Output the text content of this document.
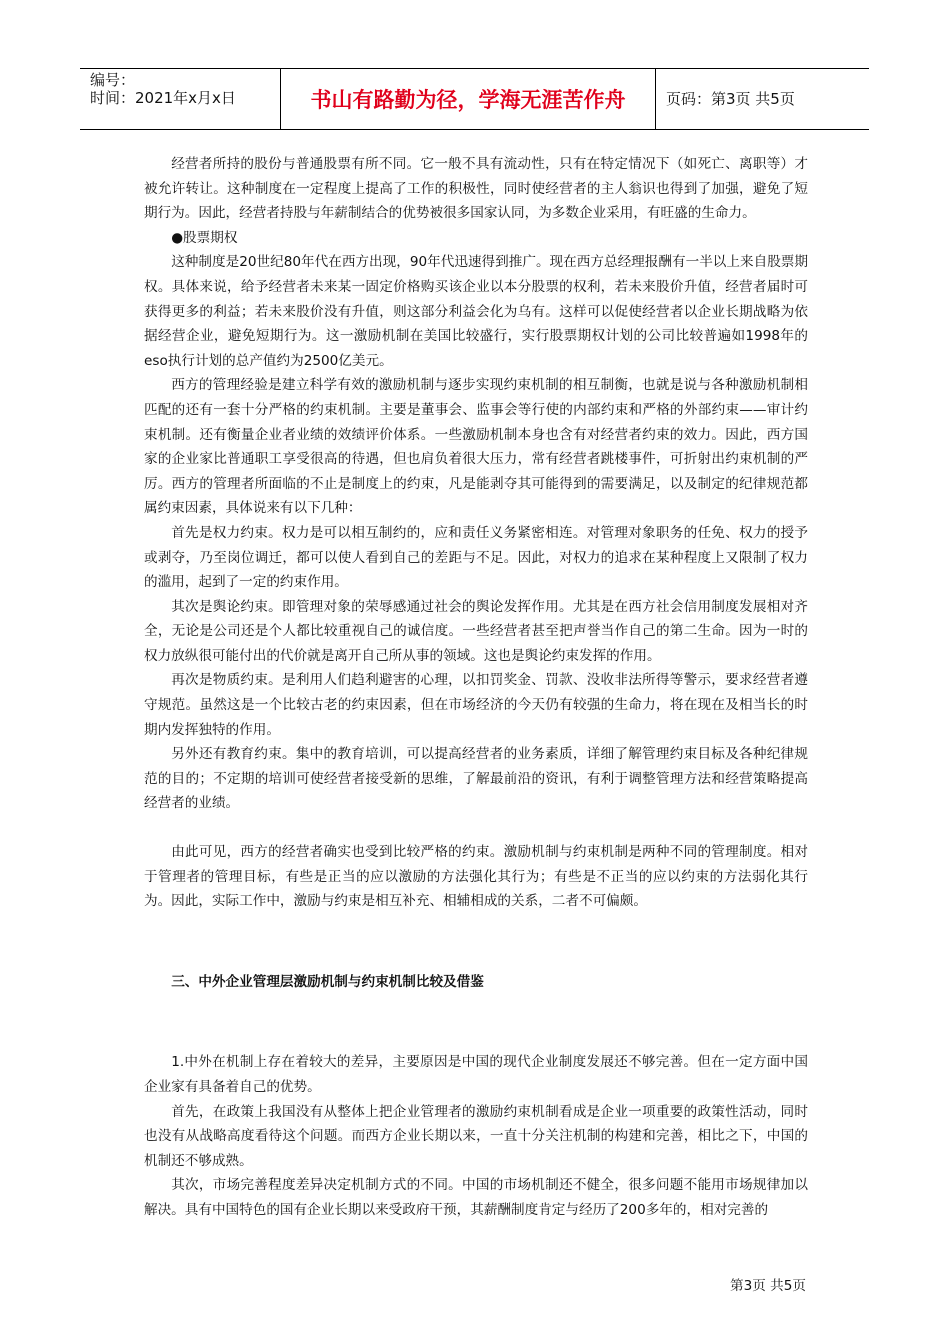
编号：
时间：2021年x月x日	书山有路勤为径，学海无涯苦作舟	页码：第3页 共5页

经营者所持的股份与普通股票有所不同。它一般不具有流动性，只有在特定情况下（如死亡、离职等）才被允许转让。这种制度在一定程度上提高了工作的积极性，同时使经营者的主人翁识也得到了加强，避免了短期行为。因此，经营者持股与年薪制结合的优势被很多国家认同，为多数企业采用，有旺盛的生命力。

●股票期权

这种制度是20世纪80年代在西方出现，90年代迅速得到推广。现在西方总经理报酬有一半以上来自股票期权。具体来说，给予经营者未来某一固定价格购买该企业以本分股票的权利，若未来股价升值，经营者届时可获得更多的利益；若未来股价没有升值，则这部分利益会化为乌有。这样可以促使经营者以企业长期战略为依据经营企业，避免短期行为。这一激励机制在美国比较盛行，实行股票期权计划的公司比较普遍如1998年的eso执行计划的总产值约为2500亿美元。

西方的管理经验是建立科学有效的激励机制与逐步实现约束机制的相互制衡，也就是说与各种激励机制相匹配的还有一套十分严格的约束机制。主要是董事会、监事会等行使的内部约束和严格的外部约束——审计约束机制。还有衡量企业者业绩的效绩评价体系。一些激励机制本身也含有对经营者约束的效力。因此，西方国家的企业家比普通职工享受很高的待遇，但也肩负着很大压力，常有经营者跳楼事件，可折射出约束机制的严厉。西方的管理者所面临的不止是制度上的约束，凡是能剥夺其可能得到的需要满足，以及制定的纪律规范都属约束因素，具体说来有以下几种：

首先是权力约束。权力是可以相互制约的，应和责任义务紧密相连。对管理对象职务的任免、权力的授予或剥夺，乃至岗位调迁，都可以使人看到自己的差距与不足。因此，对权力的追求在某种程度上又限制了权力的滥用，起到了一定的约束作用。

其次是舆论约束。即管理对象的荣辱感通过社会的舆论发挥作用。尤其是在西方社会信用制度发展相对齐全，无论是公司还是个人都比较重视自己的诚信度。一些经营者甚至把声誉当作自己的第二生命。因为一时的权力放纵很可能付出的代价就是离开自己所从事的领域。这也是舆论约束发挥的作用。

再次是物质约束。是利用人们趋利避害的心理，以扣罚奖金、罚款、没收非法所得等警示，要求经营者遵守规范。虽然这是一个比较古老的约束因素，但在市场经济的今天仍有较强的生命力，将在现在及相当长的时期内发挥独特的作用。

另外还有教育约束。集中的教育培训，可以提高经营者的业务素质，详细了解管理约束目标及各种纪律规范的目的；不定期的培训可使经营者接受新的思维，了解最前沿的资讯，有利于调整管理方法和经营策略提高经营者的业绩。

由此可见，西方的经营者确实也受到比较严格的约束。激励机制与约束机制是两种不同的管理制度。相对于管理者的管理目标，有些是正当的应以激励的方法强化其行为；有些是不正当的应以约束的方法弱化其行为。因此，实际工作中，激励与约束是相互补充、相辅相成的关系，二者不可偏颇。

三、中外企业管理层激励机制与约束机制比较及借鉴

1.中外在机制上存在着较大的差异，主要原因是中国的现代企业制度发展还不够完善。但在一定方面中国企业家有具备着自己的优势。

首先，在政策上我国没有从整体上把企业管理者的激励约束机制看成是企业一项重要的政策性活动，同时也没有从战略高度看待这个问题。而西方企业长期以来，一直十分关注机制的构建和完善，相比之下，中国的机制还不够成熟。

其次，市场完善程度差异决定机制方式的不同。中国的市场机制还不健全，很多问题不能用市场规律加以解决。具有中国特色的国有企业长期以来受政府干预，其薪酬制度肯定与经历了200多年的，相对完善的

第3页 共5页
